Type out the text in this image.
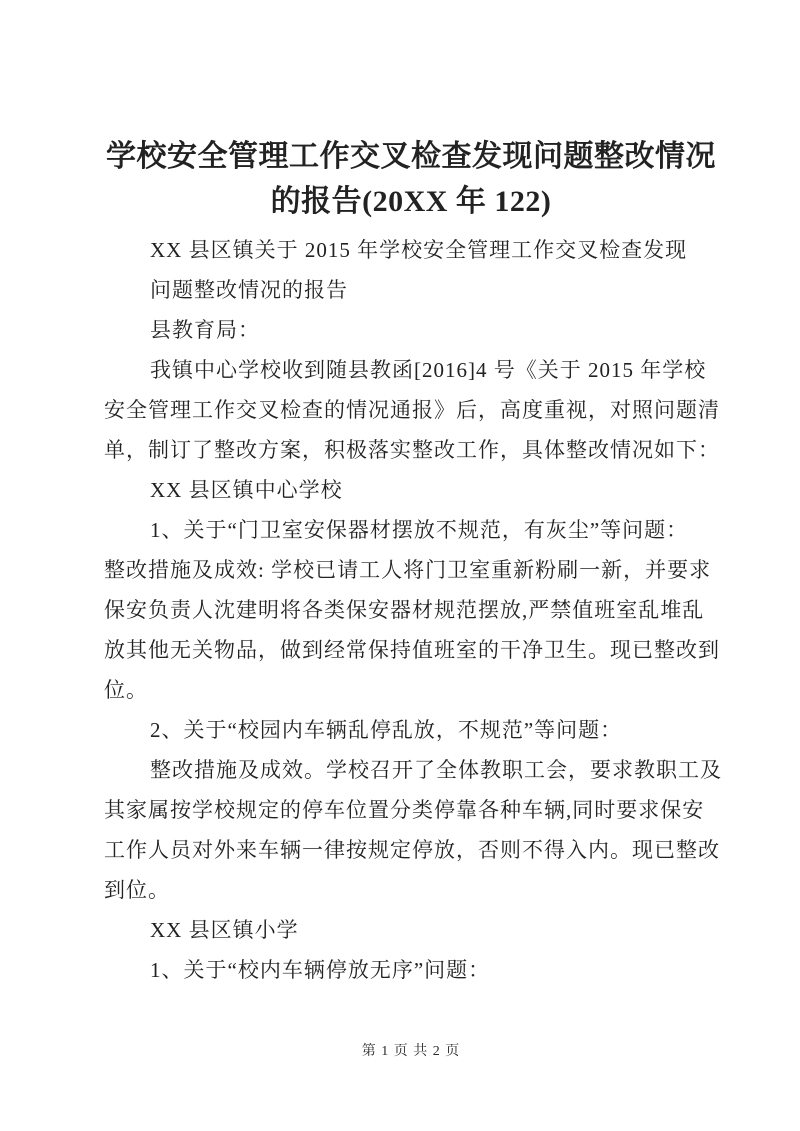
学校安全管理工作交叉检查发现问题整改情况
的报告(20XX 年 122)
XX 县区镇关于 2015 年学校安全管理工作交叉检查发现
问题整改情况的报告
县教育局：
我镇中心学校收到随县教函[2016]4 号《关于 2015 年学校
安全管理工作交叉检查的情况通报》后，高度重视，对照问题清
单，制订了整改方案，积极落实整改工作，具体整改情况如下：
XX 县区镇中心学校
1、关于“门卫室安保器材摆放不规范，有灰尘”等问题：
整改措施及成效: 学校已请工人将门卫室重新粉刷一新，并要求
保安负责人沈建明将各类保安器材规范摆放,严禁值班室乱堆乱
放其他无关物品，做到经常保持值班室的干净卫生。现已整改到
位。
2、关于“校园内车辆乱停乱放，不规范”等问题：
整改措施及成效。学校召开了全体教职工会，要求教职工及
其家属按学校规定的停车位置分类停靠各种车辆,同时要求保安
工作人员对外来车辆一律按规定停放，否则不得入内。现已整改
到位。
XX 县区镇小学
1、关于“校内车辆停放无序”问题：
第 1 页 共 2 页
